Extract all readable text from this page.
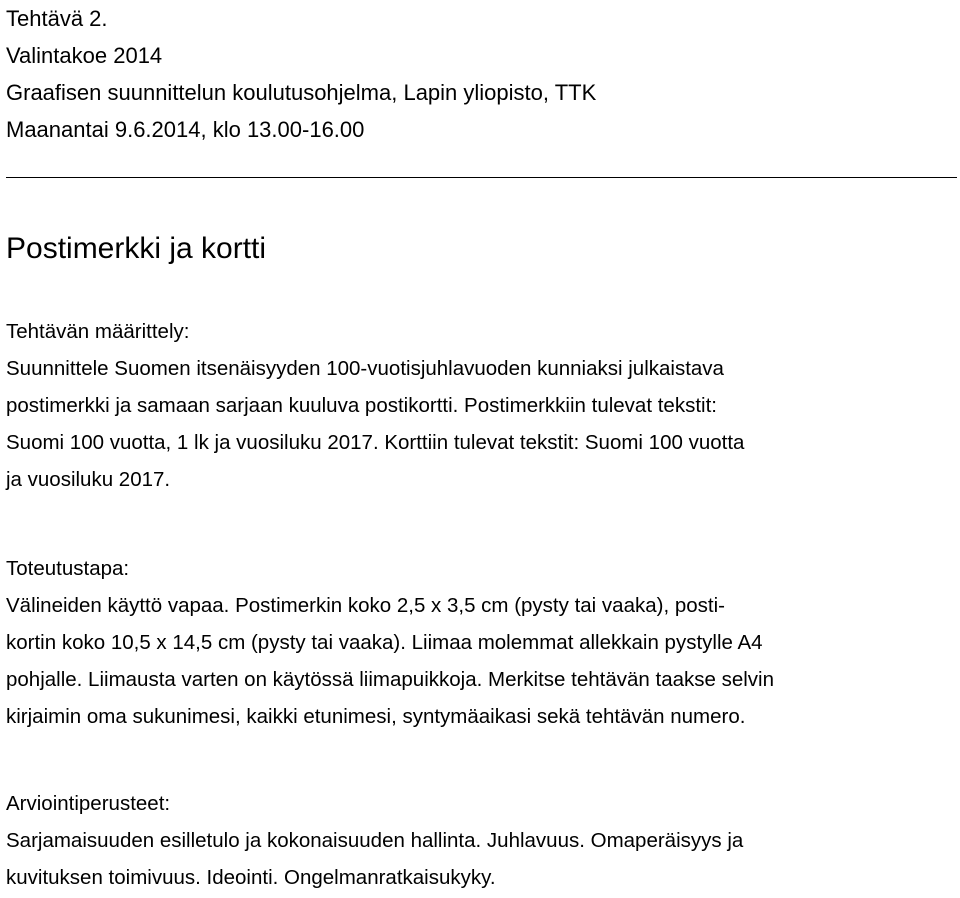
Tehtävä 2.
Valintakoe 2014
Graafisen suunnittelun koulutusohjelma, Lapin yliopisto, TTK
Maanantai 9.6.2014, klo 13.00-16.00
Postimerkki ja kortti
Tehtävän määrittely:
Suunnittele Suomen itsenäisyyden 100-vuotisjuhlavuoden kunniaksi julkaistava
postimerkki ja samaan sarjaan kuuluva postikortti. Postimerkkiin tulevat tekstit:
Suomi 100 vuotta, 1 lk ja vuosiluku 2017. Korttiin tulevat tekstit: Suomi 100 vuotta
ja vuosiluku 2017.
Toteutustapa:
Välineiden käyttö vapaa. Postimerkin koko 2,5 x 3,5 cm (pysty tai vaaka), posti-
kortin koko 10,5 x 14,5 cm (pysty tai vaaka). Liimaa molemmat allekkain pystylle A4
pohjalle. Liimausta varten on käytössä liimapuikkoja. Merkitse tehtävän taakse selvin
kirjaimin oma sukunimesi, kaikki etunimesi, syntymäaikasi sekä tehtävän numero.
Arviointiperusteet:
Sarjamaisuuden esilletulo ja kokonaisuuden hallinta. Juhlavuus. Omaperäisyys ja
kuvituksen toimivuus. Ideointi. Ongelmanratkaisukyky.
